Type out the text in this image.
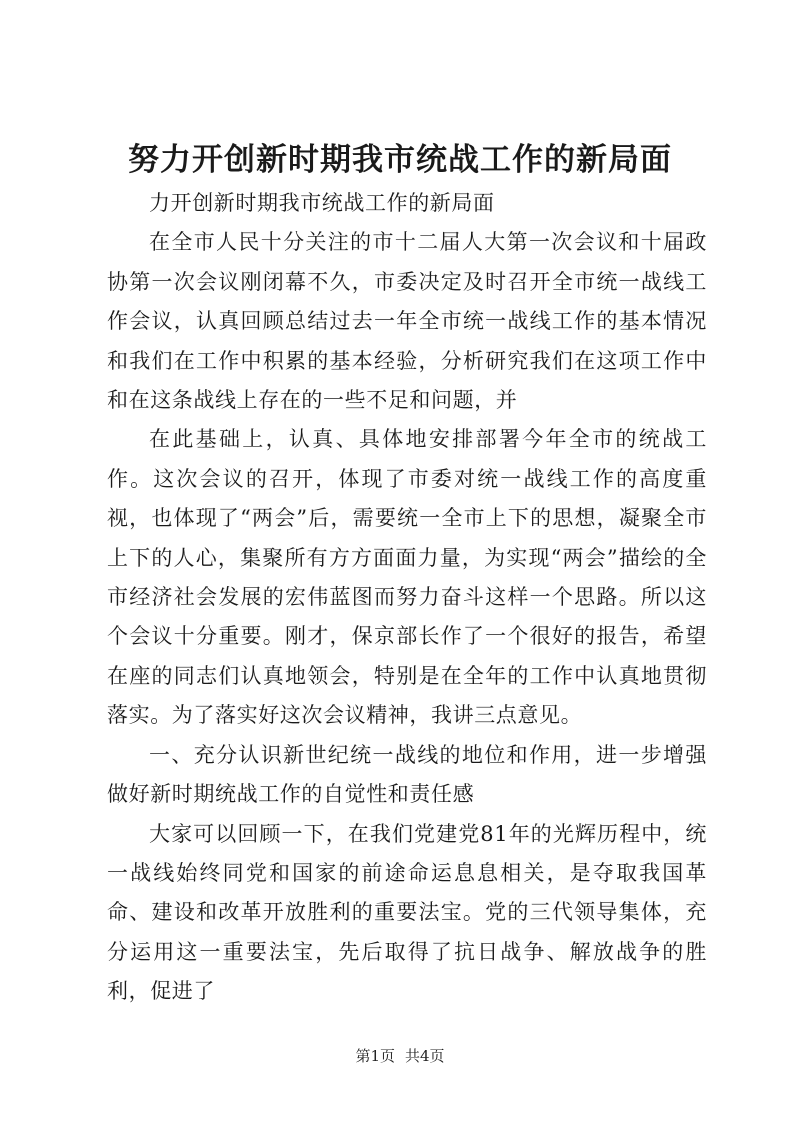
努力开创新时期我市统战工作的新局面

力开创新时期我市统战工作的新局面

在全市人民十分关注的市十二届人大第一次会议和十届政协第一次会议刚闭幕不久，市委决定及时召开全市统一战线工作会议，认真回顾总结过去一年全市统一战线工作的基本情况和我们在工作中积累的基本经验，分析研究我们在这项工作中和在这条战线上存在的一些不足和问题，并

在此基础上，认真、具体地安排部署今年全市的统战工作。这次会议的召开，体现了市委对统一战线工作的高度重视，也体现了“两会”后，需要统一全市上下的思想，凝聚全市上下的人心，集聚所有方方面面力量，为实现“两会”描绘的全市经济社会发展的宏伟蓝图而努力奋斗这样一个思路。所以这个会议十分重要。刚才，保京部长作了一个很好的报告，希望在座的同志们认真地领会，特别是在全年的工作中认真地贯彻落实。为了落实好这次会议精神，我讲三点意见。

一、充分认识新世纪统一战线的地位和作用，进一步增强做好新时期统战工作的自觉性和责任感

大家可以回顾一下，在我们党建党81年的光辉历程中，统一战线始终同党和国家的前途命运息息相关，是夺取我国革命、建设和改革开放胜利的重要法宝。党的三代领导集体，充分运用这一重要法宝，先后取得了抗日战争、解放战争的胜利，促进了

第1页 共4页
